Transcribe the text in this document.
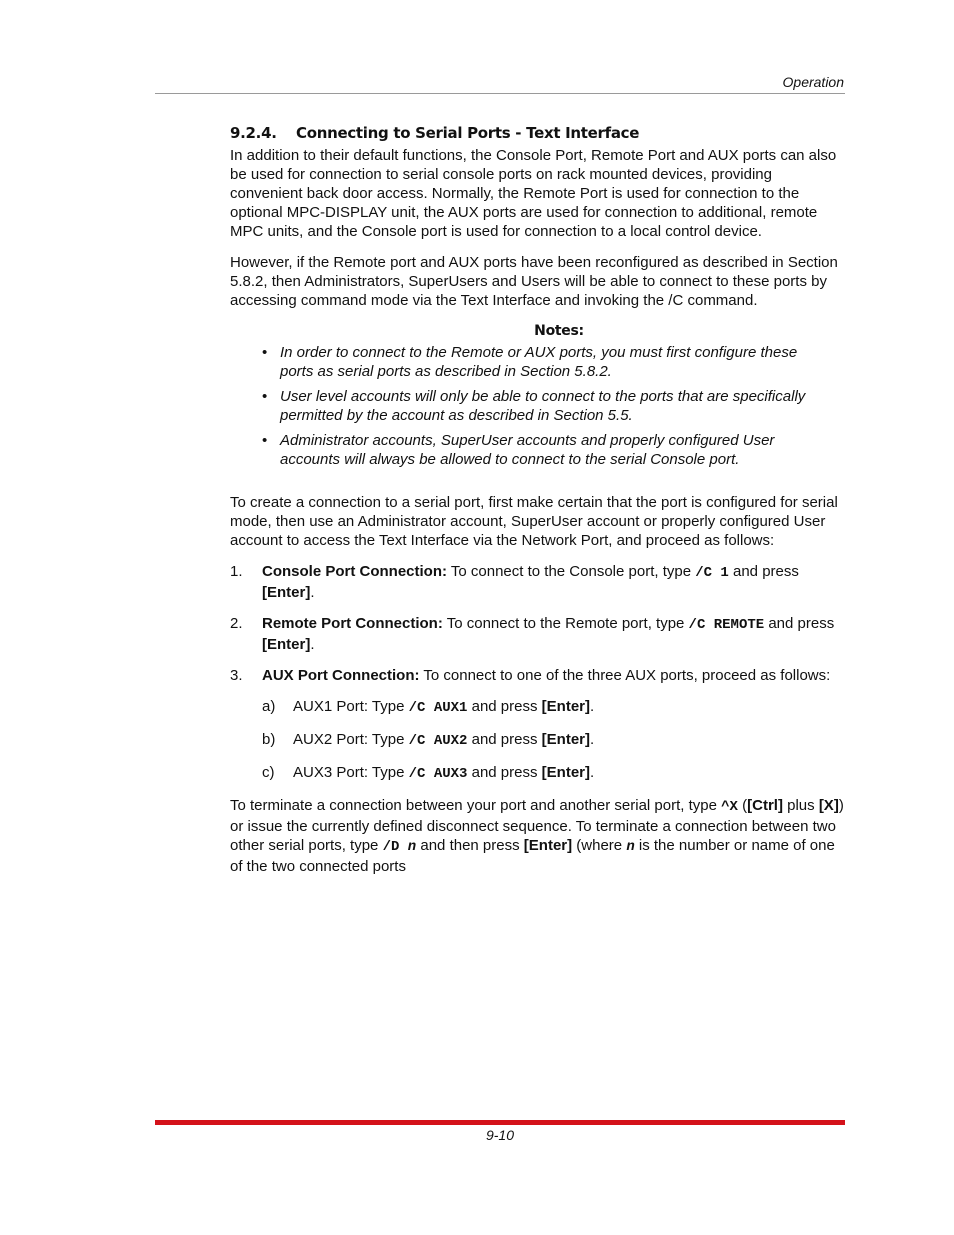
Operation
9.2.4. Connecting to Serial Ports - Text Interface

In addition to their default functions, the Console Port, Remote Port and AUX ports can also be used for connection to serial console ports on rack mounted devices, providing convenient back door access. Normally, the Remote Port is used for connection to the optional MPC-DISPLAY unit, the AUX ports are used for connection to additional, remote MPC units, and the Console port is used for connection to a local control device.

However, if the Remote port and AUX ports have been reconfigured as described in Section 5.8.2, then Administrators, SuperUsers and Users will be able to connect to these ports by accessing command mode via the Text Interface and invoking the /C command.

Notes:
• In order to connect to the Remote or AUX ports, you must first configure these ports as serial ports as described in Section 5.8.2.
• User level accounts will only be able to connect to the ports that are specifically permitted by the account as described in Section 5.5.
• Administrator accounts, SuperUser accounts and properly configured User accounts will always be allowed to connect to the serial Console port.

To create a connection to a serial port, first make certain that the port is configured for serial mode, then use an Administrator account, SuperUser account or properly configured User account to access the Text Interface via the Network Port, and proceed as follows:

1. Console Port Connection: To connect to the Console port, type /C 1 and press [Enter].
2. Remote Port Connection: To connect to the Remote port, type /C REMOTE and press [Enter].
3. AUX Port Connection: To connect to one of the three AUX ports, proceed as follows:
a) AUX1 Port: Type /C AUX1 and press [Enter].
b) AUX2 Port: Type /C AUX2 and press [Enter].
c) AUX3 Port: Type /C AUX3 and press [Enter].

To terminate a connection between your port and another serial port, type ^X ([Ctrl] plus [X]) or issue the currently defined disconnect sequence. To terminate a connection between two other serial ports, type /D n and then press [Enter] (where n is the number or name of one of the two connected ports

9-10
